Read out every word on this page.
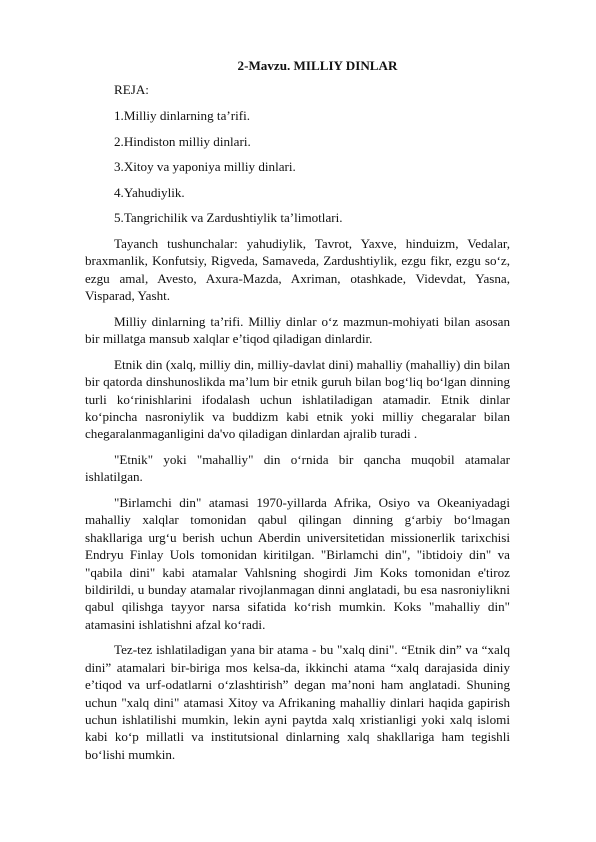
2-Mavzu. MILLIY DINLAR
REJA:
1.Milliy dinlarning ta’rifi.
2.Hindiston milliy dinlari.
3.Xitoy va yaponiya milliy dinlari.
4.Yahudiylik.
5.Tangrichilik va Zardushtiylik ta’limotlari.

Tayanch tushunchalar: yahudiylik, Tavrot, Yaxve, hinduizm, Vedalar, braxmanlik, Konfutsiy, Rigveda, Samaveda, Zardushtiylik, ezgu fikr, ezgu so‘z, ezgu amal, Avesto, Axura-Mazda, Axriman, otashkade, Videvdat, Yasna, Visparad, Yasht.

Milliy dinlarning ta’rifi. Milliy dinlar o‘z mazmun-mohiyati bilan asosan bir millatga mansub xalqlar e’tiqod qiladigan dinlardir.

Etnik din (xalq, milliy din, milliy-davlat dini) mahalliy (mahalliy) din bilan bir qatorda dinshunoslikda ma’lum bir etnik guruh bilan bog‘liq bo‘lgan dinning turli ko‘rinishlarini ifodalash uchun ishlatiladigan atamadir. Etnik dinlar ko‘pincha nasroniylik va buddizm kabi etnik yoki milliy chegaralar bilan chegaralanmaganligini da'vo qiladigan dinlardan ajralib turadi .

"Etnik" yoki "mahalliy" din o‘rnida bir qancha muqobil atamalar ishlatilgan.

"Birlamchi din" atamasi 1970-yillarda Afrika, Osiyo va Okeaniyadagi mahalliy xalqlar tomonidan qabul qilingan dinning g‘arbiy bo‘lmagan shakllariga urg‘u berish uchun Aberdin universitetidan missionerlik tarixchisi Endryu Finlay Uols tomonidan kiritilgan. "Birlamchi din", "ibtidoiy din" va "qabila dini" kabi atamalar Vahlsning shogirdi Jim Koks tomonidan e'tiroz bildirildi, u bunday atamalar rivojlanmagan dinni anglatadi, bu esa nasroniylikni qabul qilishga tayyor narsa sifatida ko‘rish mumkin. Koks "mahalliy din" atamasini ishlatishni afzal ko‘radi.

Tez-tez ishlatiladigan yana bir atama - bu "xalq dini". “Etnik din” va “xalq dini” atamalari bir-biriga mos kelsa-da, ikkinchi atama “xalq darajasida diniy e’tiqod va urf-odatlarni o‘zlashtirish” degan ma’noni ham anglatadi. Shuning uchun "xalq dini" atamasi Xitoy va Afrikaning mahalliy dinlari haqida gapirish uchun ishlatilishi mumkin, lekin ayni paytda xalq xristianligi yoki xalq islomi kabi ko‘p millatli va institutsional dinlarning xalq shakllariga ham tegishli bo‘lishi mumkin.
